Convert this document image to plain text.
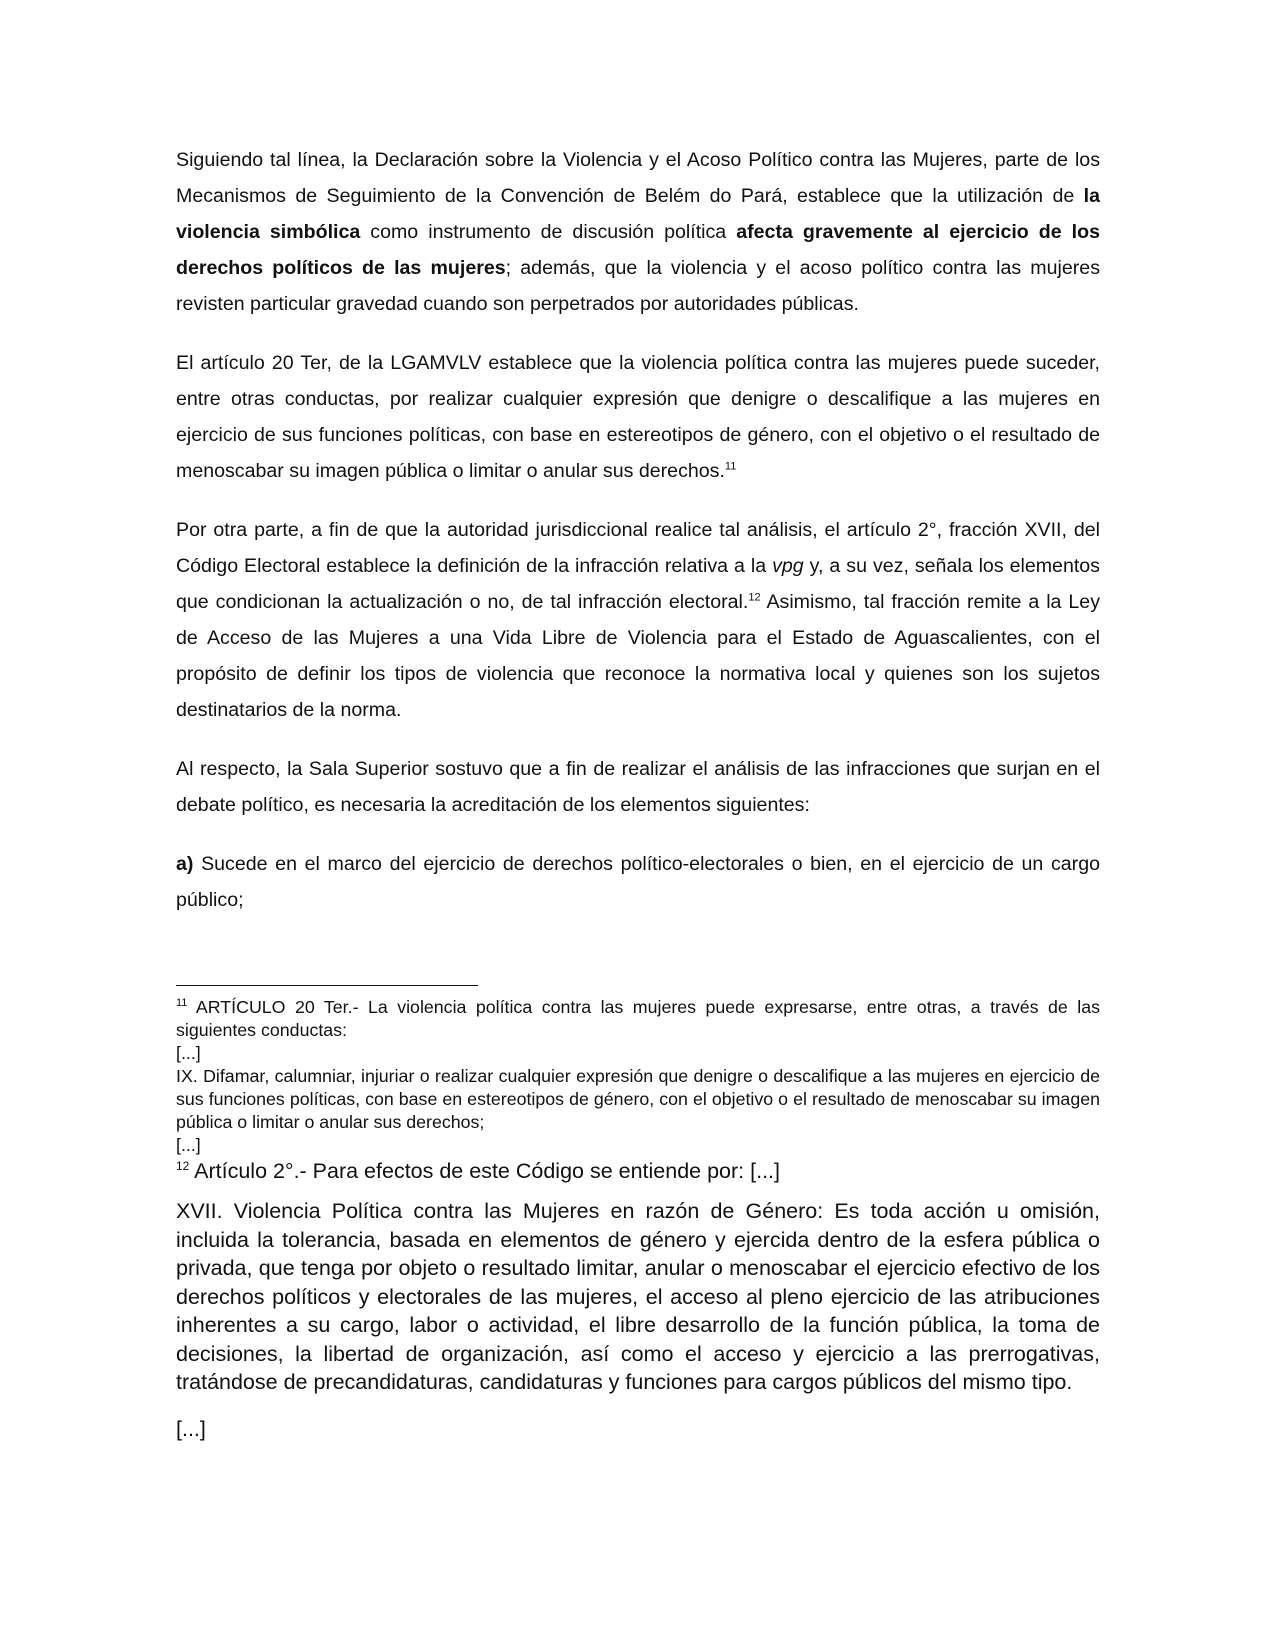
Siguiendo tal línea, la Declaración sobre la Violencia y el Acoso Político contra las Mujeres, parte de los Mecanismos de Seguimiento de la Convención de Belém do Pará, establece que la utilización de la violencia simbólica como instrumento de discusión política afecta gravemente al ejercicio de los derechos políticos de las mujeres; además, que la violencia y el acoso político contra las mujeres revisten particular gravedad cuando son perpetrados por autoridades públicas.

El artículo 20 Ter, de la LGAMVLV establece que la violencia política contra las mujeres puede suceder, entre otras conductas, por realizar cualquier expresión que denigre o descalifique a las mujeres en ejercicio de sus funciones políticas, con base en estereotipos de género, con el objetivo o el resultado de menoscabar su imagen pública o limitar o anular sus derechos.$^{11}$

Por otra parte, a fin de que la autoridad jurisdiccional realice tal análisis, el artículo 2°, fracción XVII, del Código Electoral establece la definición de la infracción relativa a la vpg y, a su vez, señala los elementos que condicionan la actualización o no, de tal infracción electoral.$^{12}$ Asimismo, tal fracción remite a la Ley de Acceso de las Mujeres a una Vida Libre de Violencia para el Estado de Aguascalientes, con el propósito de definir los tipos de violencia que reconoce la normativa local y quienes son los sujetos destinatarios de la norma.

Al respecto, la Sala Superior sostuvo que a fin de realizar el análisis de las infracciones que surjan en el debate político, es necesaria la acreditación de los elementos siguientes:

a) Sucede en el marco del ejercicio de derechos político-electorales o bien, en el ejercicio de un cargo público;

$^{11}$ ARTÍCULO 20 Ter.- La violencia política contra las mujeres puede expresarse, entre otras, a través de las siguientes conductas:
[...]
IX. Difamar, calumniar, injuriar o realizar cualquier expresión que denigre o descalifique a las mujeres en ejercicio de sus funciones políticas, con base en estereotipos de género, con el objetivo o el resultado de menoscabar su imagen pública o limitar o anular sus derechos;
[...]
$^{12}$ Artículo 2°.- Para efectos de este Código se entiende por: [...]
XVII. Violencia Política contra las Mujeres en razón de Género: Es toda acción u omisión, incluida la tolerancia, basada en elementos de género y ejercida dentro de la esfera pública o privada, que tenga por objeto o resultado limitar, anular o menoscabar el ejercicio efectivo de los derechos políticos y electorales de las mujeres, el acceso al pleno ejercicio de las atribuciones inherentes a su cargo, labor o actividad, el libre desarrollo de la función pública, la toma de decisiones, la libertad de organización, así como el acceso y ejercicio a las prerrogativas, tratándose de precandidaturas, candidaturas y funciones para cargos públicos del mismo tipo.
[...]
